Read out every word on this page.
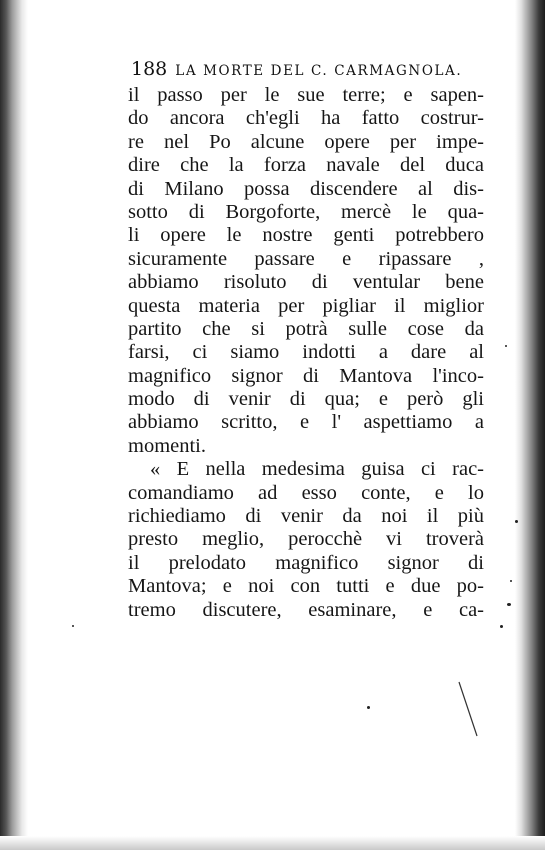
188 LA MORTE DEL C. CARMAGNOLA.
il passo per le sue terre; e sapen-
do ancora ch'egli ha fatto costrur-
re nel Po alcune opere per impe-
dire che la forza navale del duca
di Milano possa discendere al dis-
sotto di Borgoforte, mercè le qua-
li opere le nostre genti potrebbero
sicuramente passare e ripassare ,
abbiamo risoluto di ventular bene
questa materia per pigliar il miglior
partito che si potrà sulle cose da
farsi, ci siamo indotti a dare al
magnifico signor di Mantova l'inco-
modo di venir di qua; e però gli
abbiamo scritto, e l' aspettiamo a
momenti.
« E nella medesima guisa ci rac-
comandiamo ad esso conte, e lo
richiediamo di venir da noi il più
presto meglio, perocchè vi troverà
il prelodato magnifico signor di
Mantova; e noi con tutti e due po-
tremo discutere, esaminare, e ca-
